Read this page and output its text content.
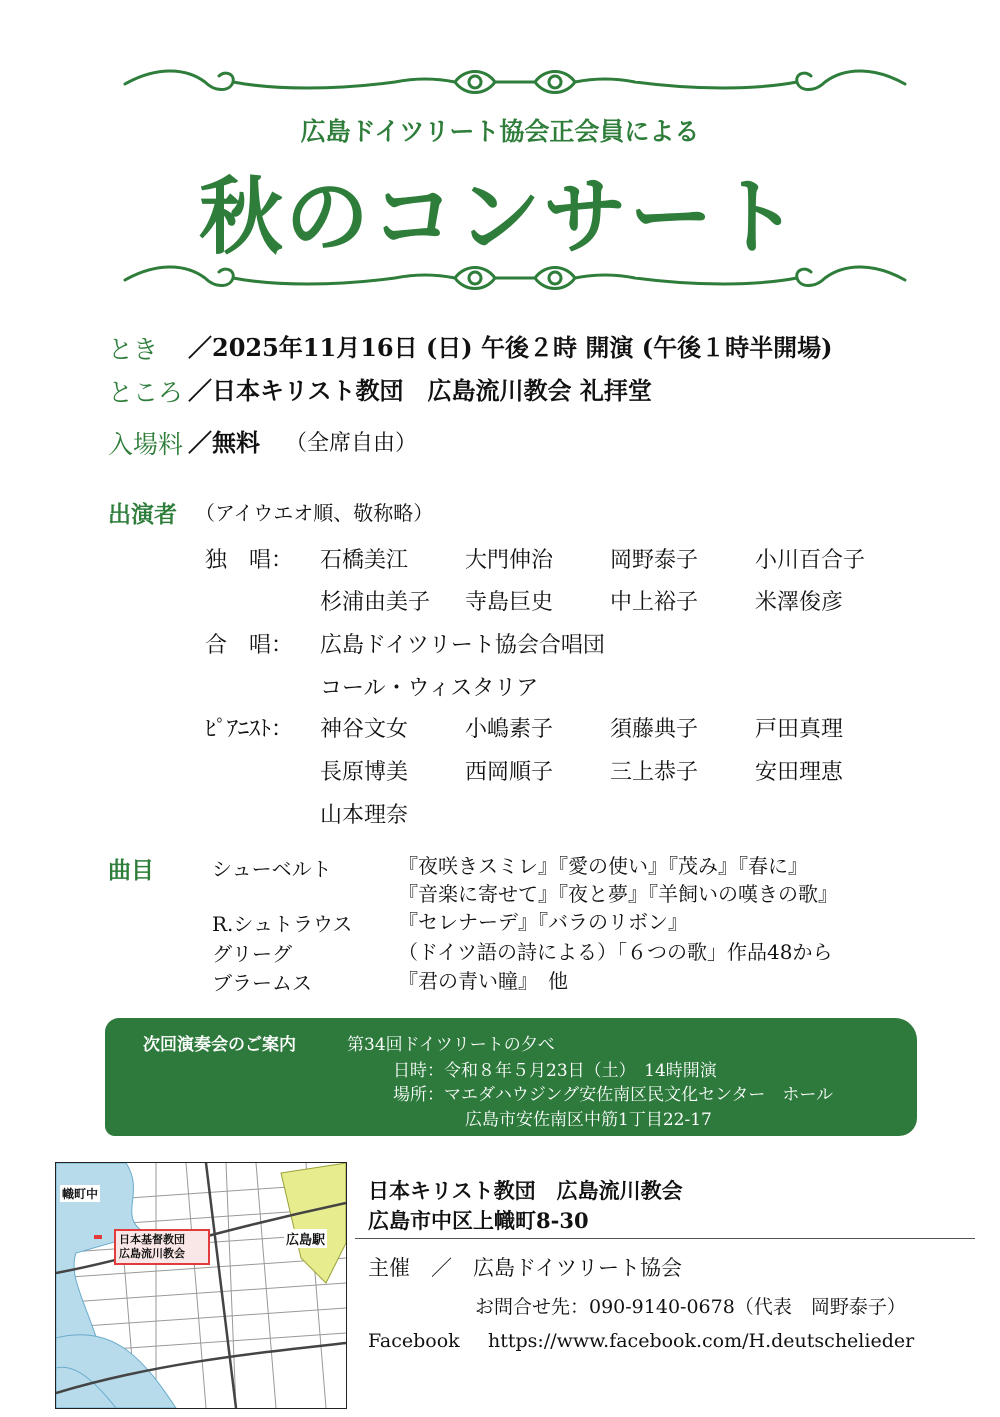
広島ドイツリート協会正会員による
秋のコンサート
とき ／2025年11月16日 (日) 午後２時 開演 (午後１時半開場)
ところ ／日本キリスト教団　広島流川教会 礼拝堂
入場料 ／無料 （全席自由）
出演者 （アイウエオ順、敬称略）
独　唱： 石橋美江	大門伸治	岡野泰子	小川百合子
杉浦由美子 寺島巨史	中上裕子	米澤俊彦
合　唱： 広島ドイツリート協会合唱団
コール・ウィスタリア
ﾋﾟｱﾆｽﾄ： 神谷文女	小嶋素子	須藤典子	戸田真理
長原博美	西岡順子	三上恭子	安田理恵
山本理奈
曲目	シューベルト	『夜咲きスミレ』『愛の使い』『茂み』『春に』
『音楽に寄せて』『夜と夢』『羊飼いの嘆きの歌』
R.シュトラウス 『セレナーデ』『バラのリボン』
グリーグ	（ドイツ語の詩による）「６つの歌」作品48から
ブラームス	『君の青い瞳』　他
次回演奏会のご案内	第34回ドイツリートの夕べ
日時：令和８年５月23日（土）　14時開演
場所：マエダハウジング安佐南区民文化センター　ホール
広島市安佐南区中筋1丁目22-17
幟町中
日本基督教団
広島流川教会
広島駅
日本キリスト教団　広島流川教会
広島市中区上幟町8-30
主催　／　広島ドイツリート協会
お問合せ先：090-9140-0678（代表　岡野泰子）
Facebook https://www.facebook.com/H.deutschelieder
